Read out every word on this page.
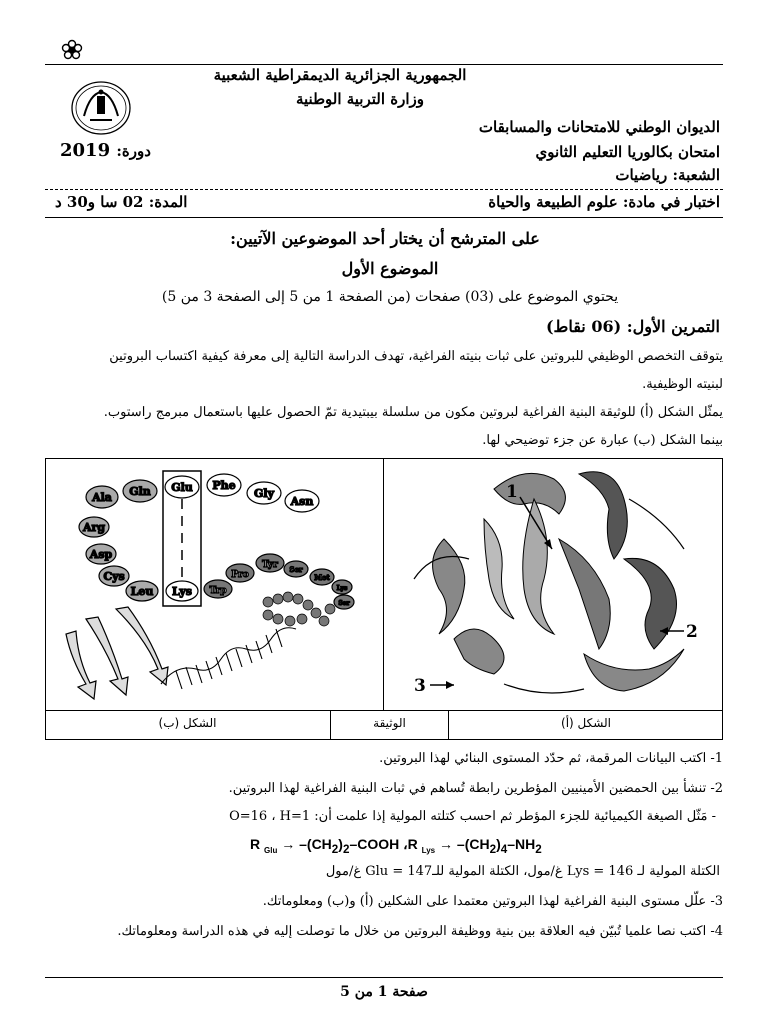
الجمهورية الجزائرية الديمقراطية الشعبية
وزارة التربية الوطنية
الديوان الوطني للامتحانات والمسابقات
امتحان بكالوريا التعليم الثانوي
الشعبة: رياضيات
2019 دورة:
اختبار في مادة: علوم الطبيعة والحياة
المدة: 02 سا و30 د
على المترشح أن يختار أحد الموضوعين الآتيين:
الموضوع الأول
يحتوي الموضوع على (03) صفحات (من الصفحة 1 من 5 إلى الصفحة 3 من 5)
التمرين الأول: (06 نقاط)
يتوقف التخصص الوظيفي للبروتين على ثبات بنيته الفراغية، تهدف الدراسة التالية إلى معرفة كيفية اكتساب البروتين
لبنيته الوظيفية.
يمثّل الشكل (أ) للوثيقة البنية الفراغية لبروتين مكون من سلسلة بيبتيدية تمّ الحصول عليها باستعمال مبرمج راستوب.
بينما الشكل (ب) عبارة عن جزء توضيحي لها.
الشكل (ب)	الوثيقة	الشكل (أ)
Ala Gln Glu Phe
Gly
Asn
Arg
Asp
Cys
Leu Lys Trp
Pro
Tyr Ser
Met
Lys
Ser
1
2
3
1- اكتب البيانات المرقمة، ثم حدّد المستوى البنائي لهذا البروتين.
2- تنشأ بين الحمضين الأمينيين المؤطرين رابطة تُساهم في ثبات البنية الفراغية لهذا البروتين.
- مَثّل الصيغة الكيميائية للجزء المؤطر ثم احسب كتلته المولية إذا علمت أن: O=16 ، H=1
R $_{Glu} \to -(CH_2)_2$–COOH ،R $_{Lys} \to -(CH_2)_4-NH_2$
الكتلة المولية لـ Lys = 146 غ/مول، الكتلة المولية للـGlu = 147 غ/مول
3- علّل مستوى البنية الفراغية لهذا البروتين معتمدا على الشكلين (أ) و(ب) ومعلوماتك.
4- اكتب نصا علميا تُبيّن فيه العلاقة بين بنية ووظيفة البروتين من خلال ما توصلت إليه في هذه الدراسة ومعلوماتك.
صفحة 1 من 5
